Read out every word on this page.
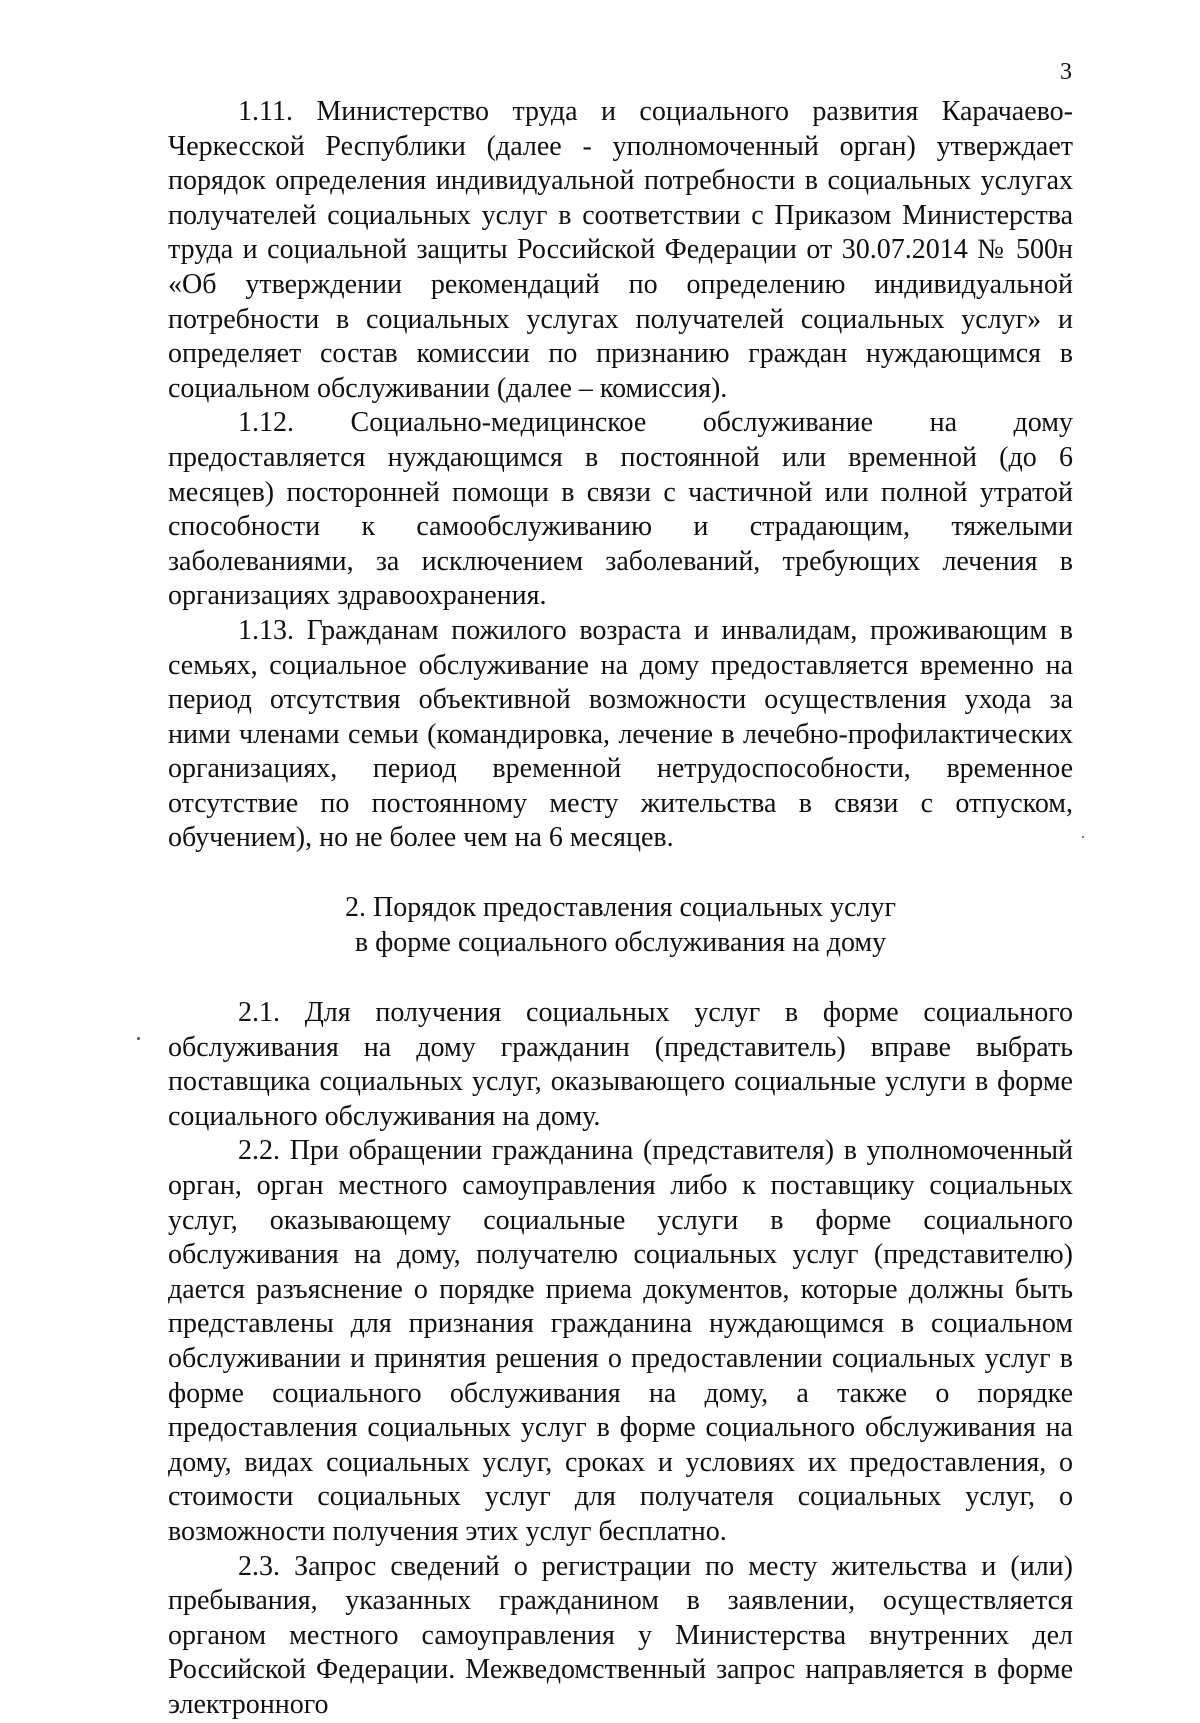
3

1.11. Министерство труда и социального развития Карачаево-Черкесской Республики (далее - уполномоченный орган) утверждает порядок определения индивидуальной потребности в социальных услугах получателей социальных услуг в соответствии с Приказом Министерства труда и социальной защиты Российской Федерации от 30.07.2014 № 500н «Об утверждении рекомендаций по определению индивидуальной потребности в социальных услугах получателей социальных услуг» и определяет состав комиссии по признанию граждан нуждающимся в социальном обслуживании (далее – комиссия).

1.12. Социально-медицинское обслуживание на дому предоставляется нуждающимся в постоянной или временной (до 6 месяцев) посторонней помощи в связи с частичной или полной утратой способности к самообслуживанию и страдающим, тяжелыми заболеваниями, за исключением заболеваний, требующих лечения в организациях здравоохранения.

1.13. Гражданам пожилого возраста и инвалидам, проживающим в семьях, социальное обслуживание на дому предоставляется временно на период отсутствия объективной возможности осуществления ухода за ними членами семьи (командировка, лечение в лечебно-профилактических организациях, период временной нетрудоспособности, временное отсутствие по постоянному месту жительства в связи с отпуском, обучением), но не более чем на 6 месяцев.

2. Порядок предоставления социальных услуг
в форме социального обслуживания на дому

2.1. Для получения социальных услуг в форме социального обслуживания на дому гражданин (представитель) вправе выбрать поставщика социальных услуг, оказывающего социальные услуги в форме социального обслуживания на дому.

2.2. При обращении гражданина (представителя) в уполномоченный орган, орган местного самоуправления либо к поставщику социальных услуг, оказывающему социальные услуги в форме социального обслуживания на дому, получателю социальных услуг (представителю) дается разъяснение о порядке приема документов, которые должны быть представлены для признания гражданина нуждающимся в социальном обслуживании и принятия решения о предоставлении социальных услуг в форме социального обслуживания на дому, а также о порядке предоставления социальных услуг в форме социального обслуживания на дому, видах социальных услуг, сроках и условиях их предоставления, о стоимости социальных услуг для получателя социальных услуг, о возможности получения этих услуг бесплатно.

2.3. Запрос сведений о регистрации по месту жительства и (или) пребывания, указанных гражданином в заявлении, осуществляется органом местного самоуправления у Министерства внутренних дел Российской Федерации. Межведомственный запрос направляется в форме электронного
